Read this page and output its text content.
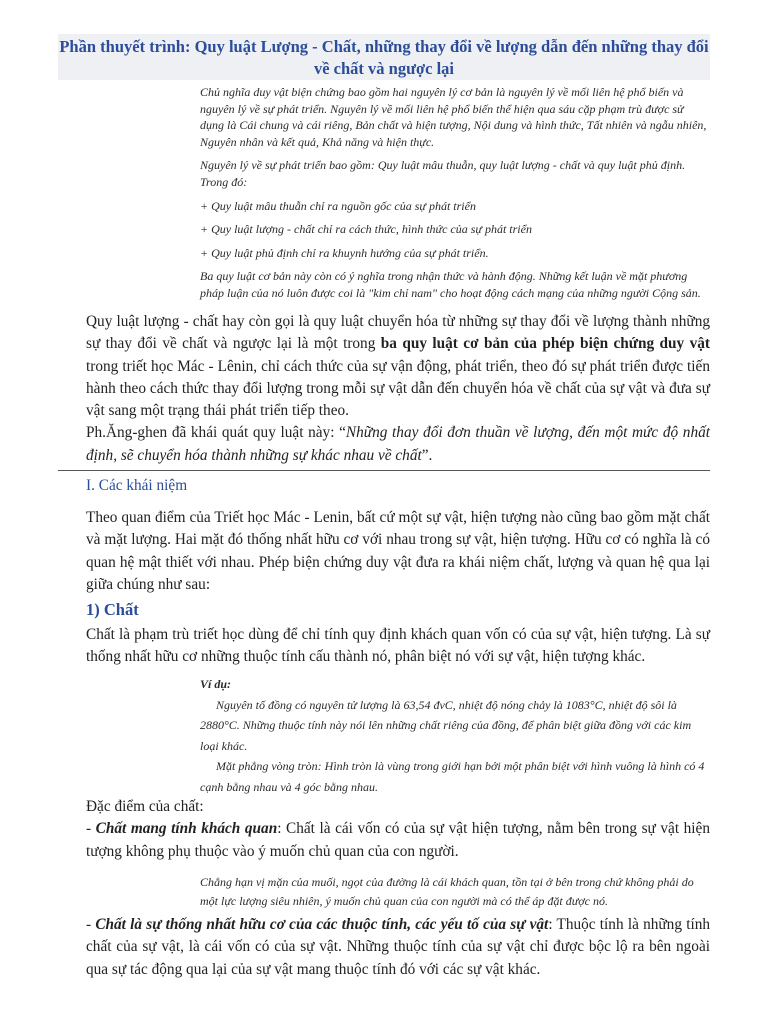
Phần thuyết trình: Quy luật Lượng - Chất, những thay đổi về lượng dẫn đến những thay đổi về chất và ngược lại

Chủ nghĩa duy vật biện chứng bao gồm hai nguyên lý cơ bản là nguyên lý về mối liên hệ phổ biến và nguyên lý về sự phát triển. Nguyên lý về mối liên hệ phổ biến thể hiện qua sáu cặp phạm trù được sử dụng là Cái chung và cái riêng, Bản chất và hiện tượng, Nội dung và hình thức, Tất nhiên và ngẫu nhiên, Nguyên nhân và kết quả, Khả năng và hiện thực.

Nguyên lý về sự phát triển bao gồm: Quy luật mâu thuẫn, quy luật lượng - chất và quy luật phủ định. Trong đó:

+ Quy luật mâu thuẫn chỉ ra nguồn gốc của sự phát triển

+ Quy luật lượng - chất chỉ ra cách thức, hình thức của sự phát triển

+ Quy luật phủ định chỉ ra khuynh hướng của sự phát triển.

Ba quy luật cơ bản này còn có ý nghĩa trong nhận thức và hành động. Những kết luận về mặt phương pháp luận của nó luôn được coi là "kim chỉ nam" cho hoạt động cách mạng của những người Cộng sản.

Quy luật lượng - chất hay còn gọi là quy luật chuyển hóa từ những sự thay đổi về lượng thành những sự thay đổi về chất và ngược lại là một trong ba quy luật cơ bản của phép biện chứng duy vật trong triết học Mác - Lênin, chỉ cách thức của sự vận động, phát triển, theo đó sự phát triển được tiến hành theo cách thức thay đổi lượng trong mỗi sự vật dẫn đến chuyển hóa về chất của sự vật và đưa sự vật sang một trạng thái phát triển tiếp theo.

Ph.Ăng-ghen đã khái quát quy luật này: “Những thay đổi đơn thuần về lượng, đến một mức độ nhất định, sẽ chuyển hóa thành những sự khác nhau về chất”.

I. Các khái niệm
Theo quan điểm của Triết học Mác - Lenin, bất cứ một sự vật, hiện tượng nào cũng bao gồm mặt chất và mặt lượng. Hai mặt đó thống nhất hữu cơ với nhau trong sự vật, hiện tượng. Hữu cơ có nghĩa là có quan hệ mật thiết với nhau. Phép biện chứng duy vật đưa ra khái niệm chất, lượng và quan hệ qua lại giữa chúng như sau:
1) Chất
Chất là phạm trù triết học dùng để chỉ tính quy định khách quan vốn có của sự vật, hiện tượng. Là sự thống nhất hữu cơ những thuộc tính cấu thành nó, phân biệt nó với sự vật, hiện tượng khác.

Ví dụ:

Nguyên tố đồng có nguyên tử lượng là 63,54 đvC, nhiệt độ nóng chảy là 1083°C, nhiệt độ sôi là 2880°C. Những thuộc tính này nói lên những chất riêng của đồng, để phân biệt giữa đồng với các kim loại khác.

Mặt phẳng vòng tròn: Hình tròn là vùng trong giới hạn bởi một phân biệt với hình vuông là hình có 4 cạnh bằng nhau và 4 góc bằng nhau.

Đặc điểm của chất:

- Chất mang tính khách quan: Chất là cái vốn có của sự vật hiện tượng, nằm bên trong sự vật hiện tượng không phụ thuộc vào ý muốn chủ quan của con người.

Chẳng hạn vị mặn của muối, ngọt của đường là cái khách quan, tồn tại ở bên trong chứ không phải do một lực lượng siêu nhiên, ý muốn chủ quan của con người mà có thể áp đặt được nó.

- Chất là sự thống nhất hữu cơ của các thuộc tính, các yếu tố của sự vật: Thuộc tính là những tính chất của sự vật, là cái vốn có của sự vật. Những thuộc tính của sự vật chỉ được bộc lộ ra bên ngoài qua sự tác động qua lại của sự vật mang thuộc tính đó với các sự vật khác.
